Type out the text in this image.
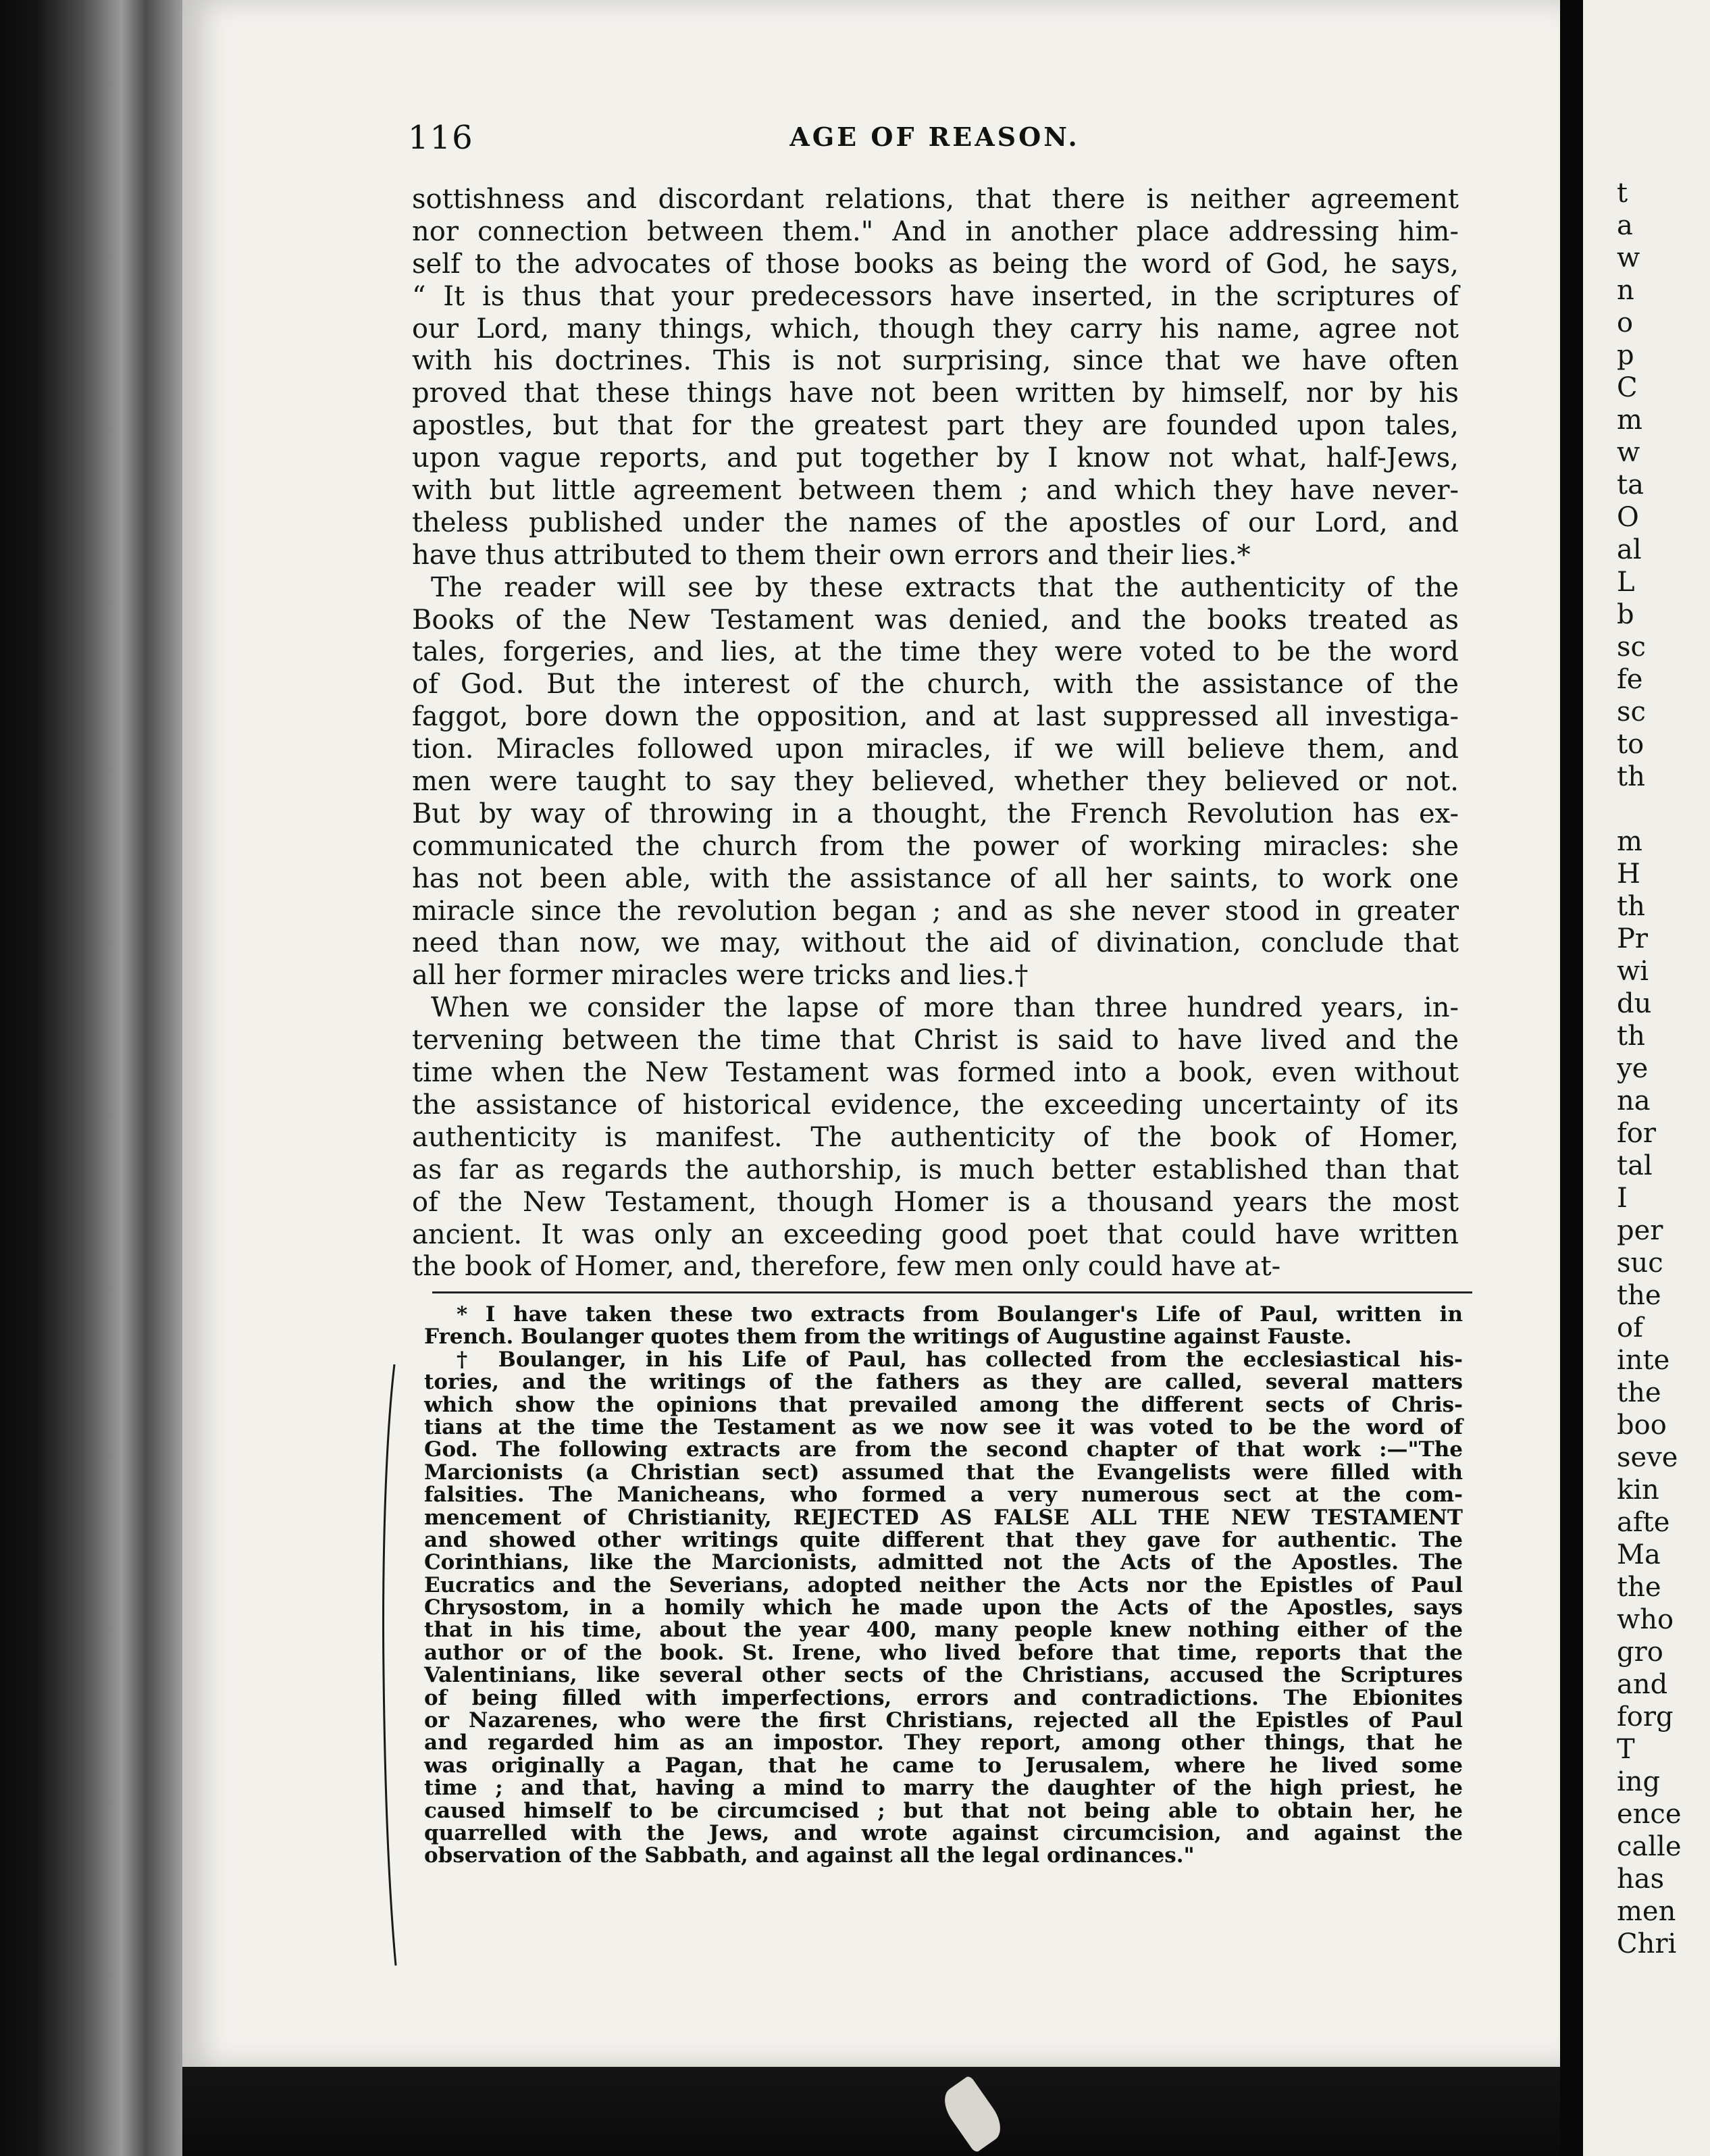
116	AGE OF REASON.
sottishness and discordant relations, that there is neither agreement
nor connection between them." And in another place addressing him-
self to the advocates of those books as being the word of God, he says,
“ It is thus that your predecessors have inserted, in the scriptures of
our Lord, many things, which, though they carry his name, agree not
with his doctrines. This is not surprising, since that we have often
proved that these things have not been written by himself, nor by his
apostles, but that for the greatest part they are founded upon tales,
upon vague reports, and put together by I know not what, half-Jews,
with but little agreement between them ; and which they have never-
theless published under the names of the apostles of our Lord, and
have thus attributed to them their own errors and their lies.*
The reader will see by these extracts that the authenticity of the
Books of the New Testament was denied, and the books treated as
tales, forgeries, and lies, at the time they were voted to be the word
of God. But the interest of the church, with the assistance of the
faggot, bore down the opposition, and at last suppressed all investiga-
tion. Miracles followed upon miracles, if we will believe them, and
men were taught to say they believed, whether they believed or not.
But by way of throwing in a thought, the French Revolution has ex-
communicated the church from the power of working miracles: she
has not been able, with the assistance of all her saints, to work one
miracle since the revolution began ; and as she never stood in greater
need than now, we may, without the aid of divination, conclude that
all her former miracles were tricks and lies.†
When we consider the lapse of more than three hundred years, in-
tervening between the time that Christ is said to have lived and the
time when the New Testament was formed into a book, even without
the assistance of historical evidence, the exceeding uncertainty of its
authenticity is manifest. The authenticity of the book of Homer,
as far as regards the authorship, is much better established than that
of the New Testament, though Homer is a thousand years the most
ancient. It was only an exceeding good poet that could have written
the book of Homer, and, therefore, few men only could have at-
* I have taken these two extracts from Boulanger's Life of Paul, written in
French. Boulanger quotes them from the writings of Augustine against Fauste.
† Boulanger, in his Life of Paul, has collected from the ecclesiastical his-
tories, and the writings of the fathers as they are called, several matters
which show the opinions that prevailed among the different sects of Chris-
tians at the time the Testament as we now see it was voted to be the word of
God. The following extracts are from the second chapter of that work :—"The
Marcionists (a Christian sect) assumed that the Evangelists were filled with
falsities. The Manicheans, who formed a very numerous sect at the com-
mencement of Christianity, REJECTED AS FALSE ALL THE NEW TESTAMENT
and showed other writings quite different that they gave for authentic. The
Corinthians, like the Marcionists, admitted not the Acts of the Apostles. The
Eucratics and the Severians, adopted neither the Acts nor the Epistles of Paul
Chrysostom, in a homily which he made upon the Acts of the Apostles, says
that in his time, about the year 400, many people knew nothing either of the
author or of the book. St. Irene, who lived before that time, reports that the
Valentinians, like several other sects of the Christians, accused the Scriptures
of being filled with imperfections, errors and contradictions. The Ebionites
or Nazarenes, who were the first Christians, rejected all the Epistles of Paul
and regarded him as an impostor. They report, among other things, that he
was originally a Pagan, that he came to Jerusalem, where he lived some
time ; and that, having a mind to marry the daughter of the high priest, he
caused himself to be circumcised ; but that not being able to obtain her, he
quarrelled with the Jews, and wrote against circumcision, and against the
observation of the Sabbath, and against all the legal ordinances."
t
a
w
n
o
p
C
m
w
ta
O
al
L
b
sc
fe
sc
to
th
m
H
th
Pr
wi
du
th
ye
na
for
tal
I
per
suc
the
of
inte
the
boo
seve
kin
afte
Ma
the
who
gro
and
forg
T
ing
ence
calle
has
men
Chri
